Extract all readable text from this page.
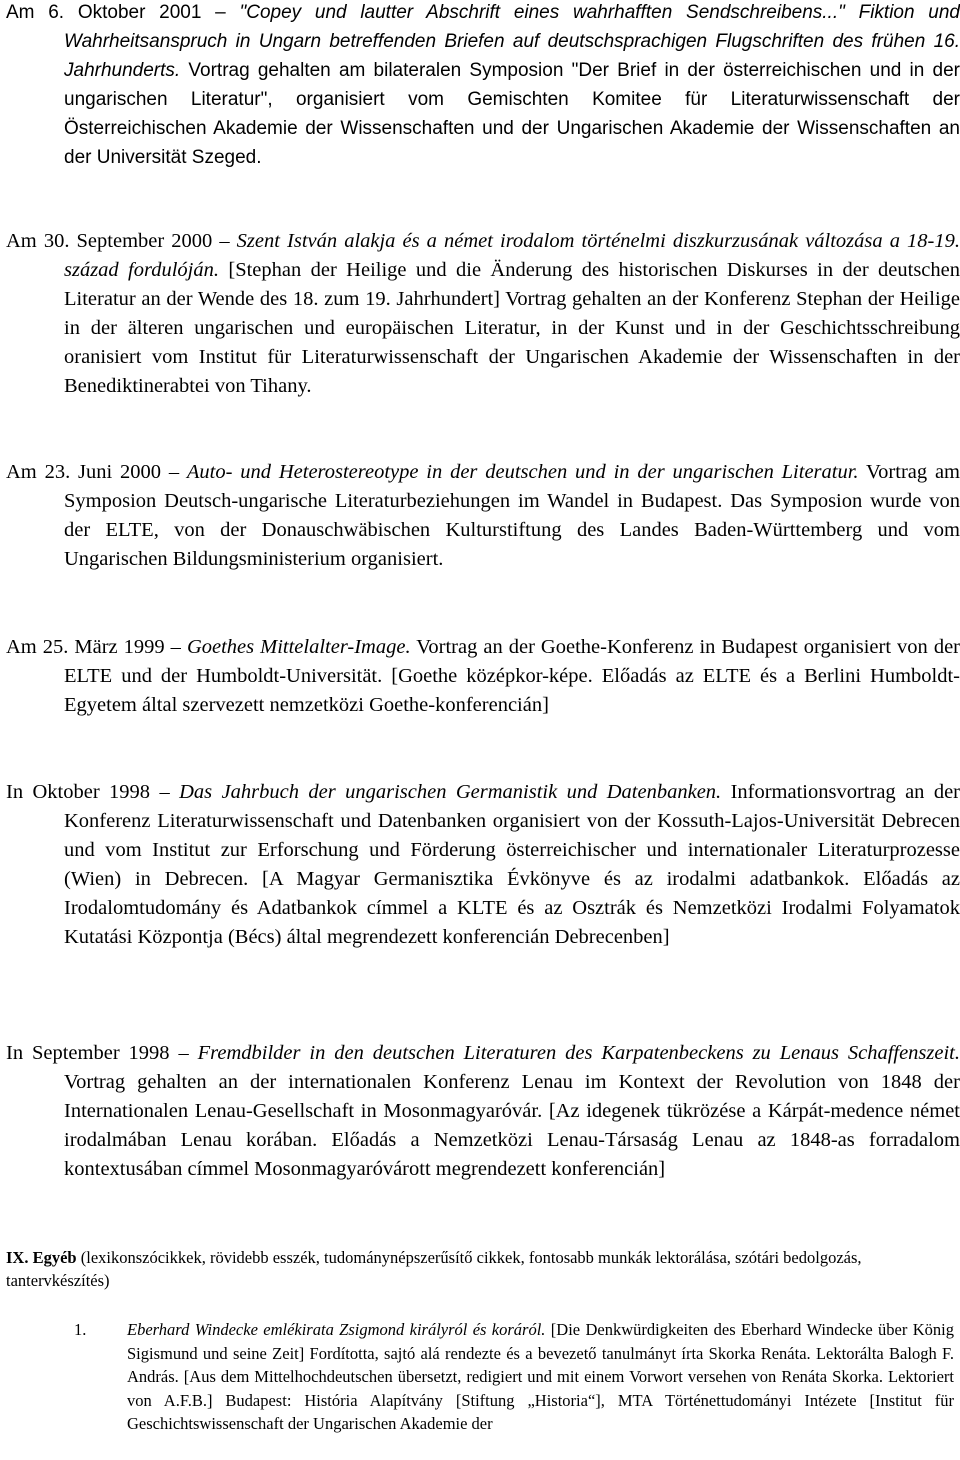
Am 6. Oktober 2001 – "Copey und lautter Abschrift eines wahrhafften Sendschreibens..." Fiktion und Wahrheitsanspruch in Ungarn betreffenden Briefen auf deutschsprachigen Flugschriften des frühen 16. Jahrhunderts. Vortrag gehalten am bilateralen Symposion "Der Brief in der österreichischen und in der ungarischen Literatur", organisiert vom Gemischten Komitee für Literaturwissenschaft der Österreichischen Akademie der Wissenschaften und der Ungarischen Akademie der Wissenschaften an der Universität Szeged.
Am 30. September 2000 – Szent István alakja és a német irodalom történelmi diszkurzusának változása a 18-19. század fordulóján. [Stephan der Heilige und die Änderung des historischen Diskurses in der deutschen Literatur an der Wende des 18. zum 19. Jahrhundert] Vortrag gehalten an der Konferenz Stephan der Heilige in der älteren ungarischen und europäischen Literatur, in der Kunst und in der Geschichtsschreibung oranisiert vom Institut für Literaturwissenschaft der Ungarischen Akademie der Wissenschaften in der Benediktinerabtei von Tihany.
Am 23. Juni 2000 – Auto- und Heterostereotype in der deutschen und in der ungarischen Literatur. Vortrag am Symposion Deutsch-ungarische Literaturbeziehungen im Wandel in Budapest. Das Symposion wurde von der ELTE, von der Donauschwäbischen Kulturstiftung des Landes Baden-Württemberg und vom Ungarischen Bildungsministerium organisiert.
Am 25. März 1999 – Goethes Mittelalter-Image. Vortrag an der Goethe-Konferenz in Budapest organisiert von der ELTE und der Humboldt-Universität. [Goethe középkor-képe. Előadás az ELTE és a Berlini Humboldt-Egyetem által szervezett nemzetközi Goethe-konferencián]
In Oktober 1998 – Das Jahrbuch der ungarischen Germanistik und Datenbanken. Informationsvortrag an der Konferenz Literaturwissenschaft und Datenbanken organisiert von der Kossuth-Lajos-Universität Debrecen und vom Institut zur Erforschung und Förderung österreichischer und internationaler Literaturprozesse (Wien) in Debrecen. [A Magyar Germanisztika Évkönyve és az irodalmi adatbankok. Előadás az Irodalomtudomány és Adatbankok címmel a KLTE és az Osztrák és Nemzetközi Irodalmi Folyamatok Kutatási Központja (Bécs) által megrendezett konferencián Debrecenben]
In September 1998 – Fremdbilder in den deutschen Literaturen des Karpatenbeckens zu Lenaus Schaffenszeit. Vortrag gehalten an der internationalen Konferenz Lenau im Kontext der Revolution von 1848 der Internationalen Lenau-Gesellschaft in Mosonmagyaróvár. [Az idegenek tükrözése a Kárpát-medence német irodalmában Lenau korában. Előadás a Nemzetközi Lenau-Társaság Lenau az 1848-as forradalom kontextusában címmel Mosonmagyaróvárott megrendezett konferencián]
IX. Egyéb (lexikonszócikkek, rövidebb esszék, tudománynépszerűsítő cikkek, fontosabb munkák lektorálása, szótári bedolgozás, tantervkészítés)
1.	Eberhard Windecke emlékirata Zsigmond királyról és koráról. [Die Denkwürdigkeiten des Eberhard Windecke über König Sigismund und seine Zeit] Fordította, sajtó alá rendezte és a bevezető tanulmányt írta Skorka Renáta. Lektorálta Balogh F. András. [Aus dem Mittelhochdeutschen übersetzt, redigiert und mit einem Vorwort versehen von Renáta Skorka. Lektoriert von A.F.B.] Budapest: História Alapítvány [Stiftung „Historia“], MTA Történettudományi Intézete [Institut für Geschichtswissenschaft der Ungarischen Akademie der
